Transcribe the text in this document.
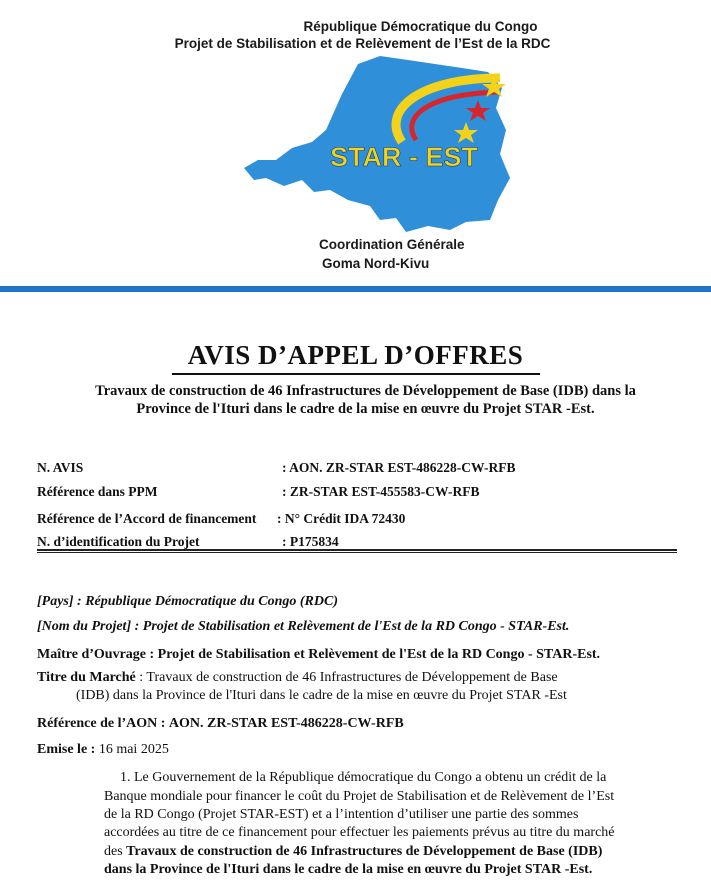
République Démocratique du Congo
Projet de Stabilisation et de Relèvement de l’Est de la RDC
STAR - EST
Coordination Générale
Goma Nord-Kivu
AVIS D’APPEL D’OFFRES
Travaux de construction de 46 Infrastructures de Développement de Base (IDB) dans la
Province de l'Ituri dans le cadre de la mise en œuvre du Projet STAR -Est.
N. AVIS	: AON. ZR-STAR EST-486228-CW-RFB
Référence dans PPM	: ZR-STAR EST-455583-CW-RFB
Référence de l’Accord de financement : N° Crédit IDA 72430
N. d’identification du Projet	: P175834
[Pays] : République Démocratique du Congo (RDC)
[Nom du Projet] : Projet de Stabilisation et Relèvement de l'Est de la RD Congo - STAR-Est.
Maître d’Ouvrage : Projet de Stabilisation et Relèvement de l'Est de la RD Congo - STAR-Est.
Titre du Marché : Travaux de construction de 46 Infrastructures de Développement de Base
(IDB) dans la Province de l'Ituri dans le cadre de la mise en œuvre du Projet STAR -Est
Référence de l’AON : AON. ZR-STAR EST-486228-CW-RFB
Emise le : 16 mai 2025
1. Le Gouvernement de la République démocratique du Congo a obtenu un crédit de la
Banque mondiale pour financer le coût du Projet de Stabilisation et de Relèvement de l’Est
de la RD Congo (Projet STAR-EST) et a l’intention d’utiliser une partie des sommes
accordées au titre de ce financement pour effectuer les paiements prévus au titre du marché
des Travaux de construction de 46 Infrastructures de Développement de Base (IDB)
dans la Province de l'Ituri dans le cadre de la mise en œuvre du Projet STAR -Est.
